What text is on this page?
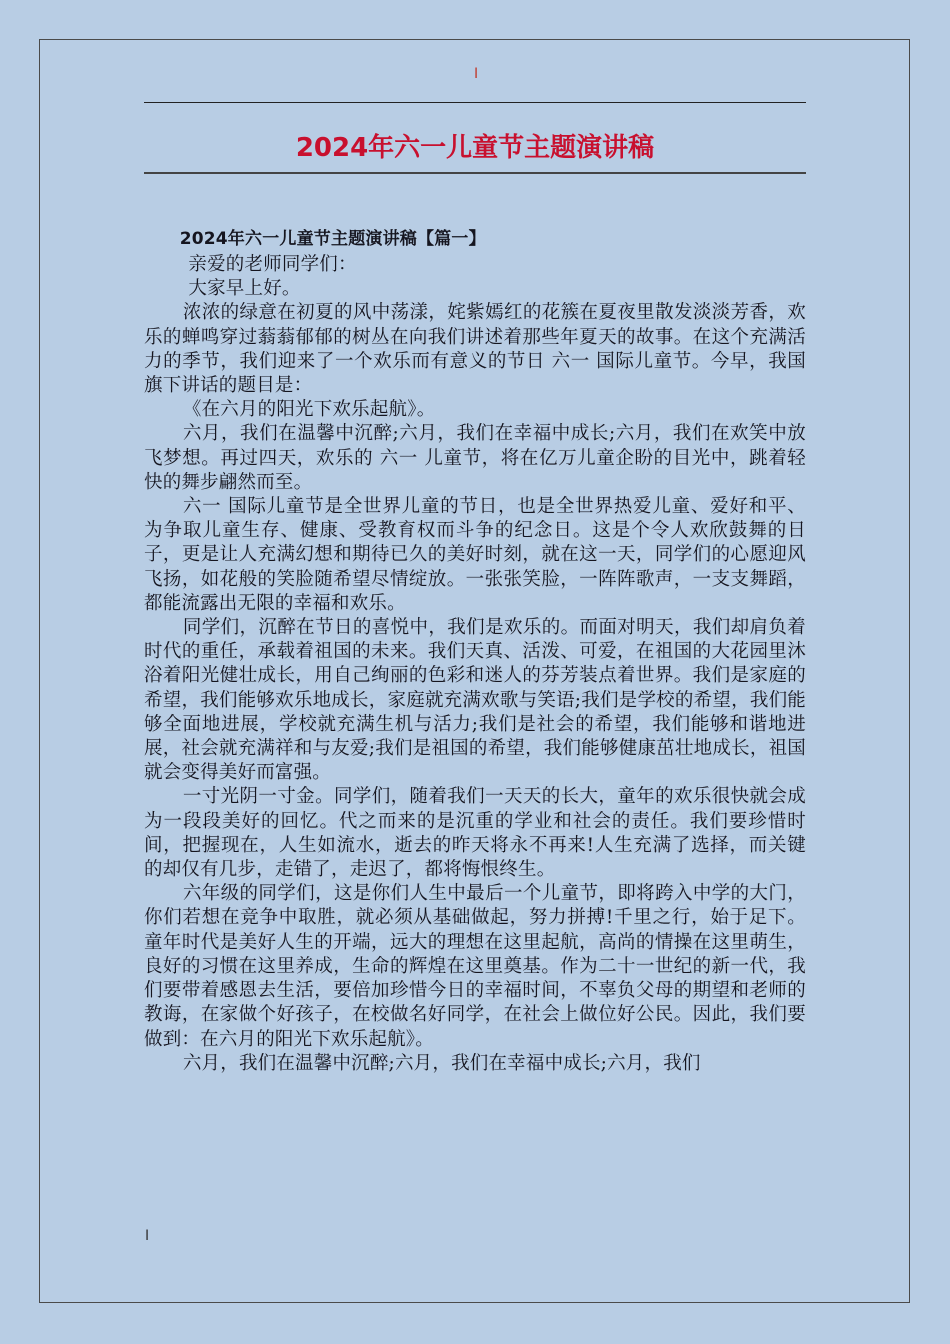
I
2024年六一儿童节主题演讲稿

2024年六一儿童节主题演讲稿【篇一】

亲爱的老师同学们：

大家早上好。

浓浓的绿意在初夏的风中荡漾，姹紫嫣红的花簇在夏夜里散发淡淡芳香，欢乐的蝉鸣穿过蓊蓊郁郁的树丛在向我们讲述着那些年夏天的故事。在这个充满活力的季节，我们迎来了一个欢乐而有意义的节日 六一 国际儿童节。今早，我国旗下讲话的题目是：

《在六月的阳光下欢乐起航》。

六月，我们在温馨中沉醉;六月，我们在幸福中成长;六月，我们在欢笑中放飞梦想。再过四天，欢乐的 六一 儿童节，将在亿万儿童企盼的目光中，跳着轻快的舞步翩然而至。

六一 国际儿童节是全世界儿童的节日，也是全世界热爱儿童、爱好和平、为争取儿童生存、健康、受教育权而斗争的纪念日。这是个令人欢欣鼓舞的日子，更是让人充满幻想和期待已久的美好时刻，就在这一天，同学们的心愿迎风飞扬，如花般的笑脸随希望尽情绽放。一张张笑脸，一阵阵歌声，一支支舞蹈，都能流露出无限的幸福和欢乐。

同学们，沉醉在节日的喜悦中，我们是欢乐的。而面对明天，我们却肩负着时代的重任，承载着祖国的未来。我们天真、活泼、可爱，在祖国的大花园里沐浴着阳光健壮成长，用自己绚丽的色彩和迷人的芬芳装点着世界。我们是家庭的希望，我们能够欢乐地成长，家庭就充满欢歌与笑语;我们是学校的希望，我们能够全面地进展，学校就充满生机与活力;我们是社会的希望，我们能够和谐地进展，社会就充满祥和与友爱;我们是祖国的希望，我们能够健康茁壮地成长，祖国就会变得美好而富强。

一寸光阴一寸金。同学们，随着我们一天天的长大，童年的欢乐很快就会成为一段段美好的回忆。代之而来的是沉重的学业和社会的责任。我们要珍惜时间，把握现在，人生如流水，逝去的昨天将永不再来!人生充满了选择，而关键的却仅有几步，走错了，走迟了，都将悔恨终生。

六年级的同学们，这是你们人生中最后一个儿童节，即将跨入中学的大门，你们若想在竞争中取胜，就必须从基础做起，努力拼搏!千里之行，始于足下。童年时代是美好人生的开端，远大的理想在这里起航，高尚的情操在这里萌生，良好的习惯在这里养成，生命的辉煌在这里奠基。作为二十一世纪的新一代，我们要带着感恩去生活，要倍加珍惜今日的幸福时间，不辜负父母的期望和老师的教诲，在家做个好孩子，在校做名好同学，在社会上做位好公民。因此，我们要做到：在六月的阳光下欢乐起航》。

六月，我们在温馨中沉醉;六月，我们在幸福中成长;六月，我们

I
